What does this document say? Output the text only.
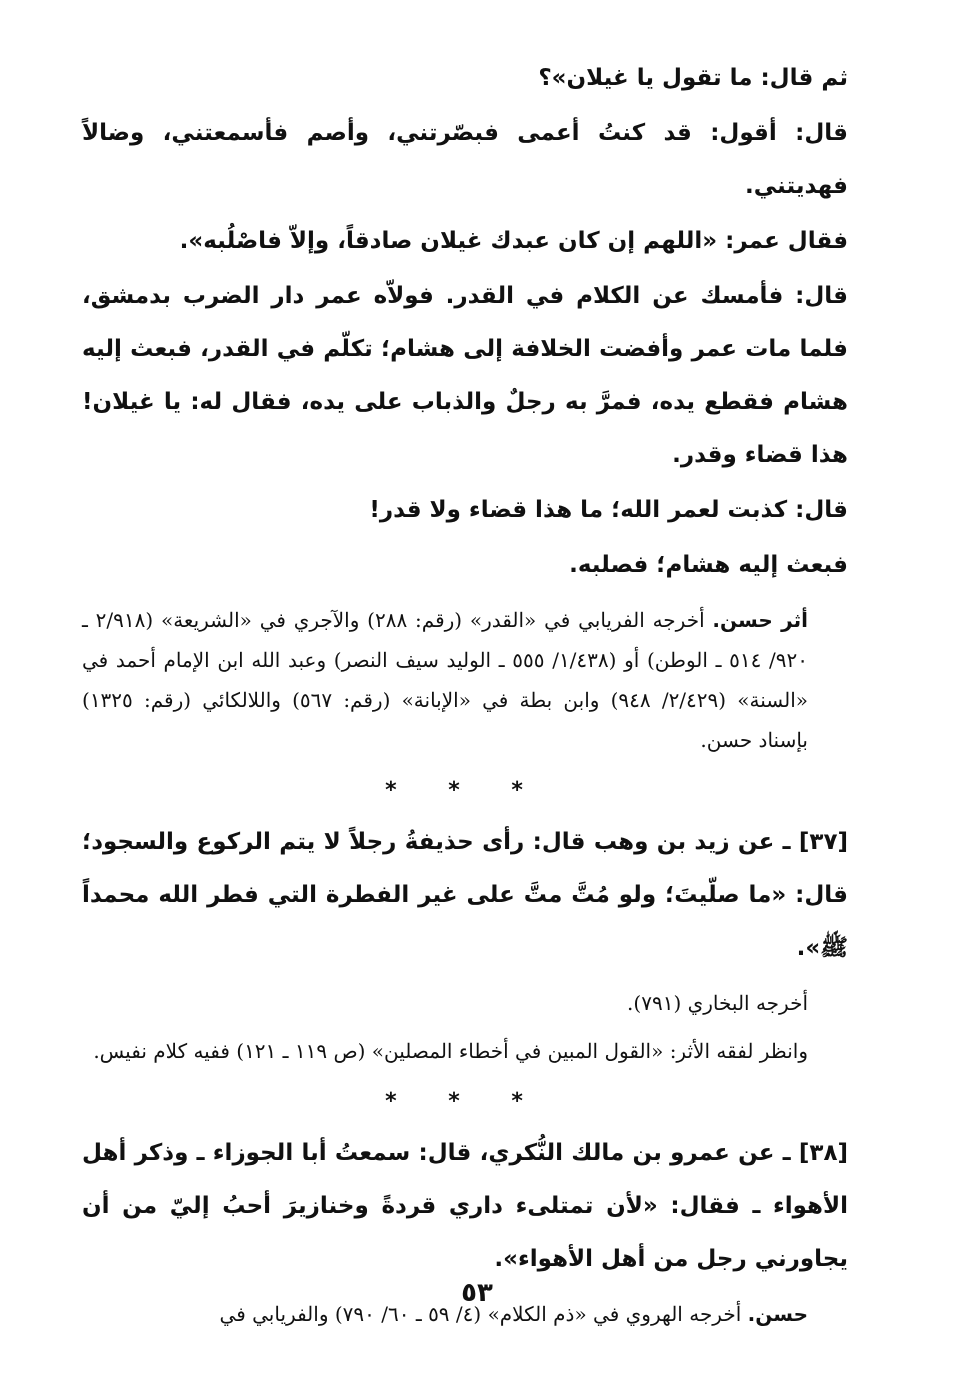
ثم قال: ما تقول يا غيلان»؟
قال: أقول: قد كنتُ أعمى فبصّرتني، وأصم فأسمعتني، وضالاً فهديتني.
فقال عمر: «اللهم إن كان عبدك غيلان صادقاً، وإلاّ فاصْلُبه».
قال: فأمسك عن الكلام في القدر. فولاّه عمر دار الضرب بدمشق، فلما مات عمر وأفضت الخلافة إلى هشام؛ تكلّم في القدر، فبعث إليه هشام فقطع يده، فمرَّ به رجلٌ والذباب على يده، فقال له: يا غيلان! هذا قضاء وقدر.
قال: كذبت لعمر الله؛ ما هذا قضاء ولا قدر!
فبعث إليه هشام؛ فصلبه.
أثر حسن. أخرجه الفريابي في «القدر» (رقم: ٢٨٨) والآجري في «الشريعة» (٢/٩١٨ ـ ٩٢٠/ ٥١٤ ـ الوطن) أو (١/٤٣٨/ ٥٥٥ ـ الوليد سيف النصر) وعبد الله ابن الإمام أحمد في «السنة» (٢/٤٢٩/ ٩٤٨) وابن بطة في «الإبانة» (رقم: ٥٦٧) واللالكائي (رقم: ١٣٢٥) بإسناد حسن.
* * *
[٣٧] ـ عن زيد بن وهب قال: رأى حذيفةُ رجلاً لا يتم الركوع والسجود؛ قال: «ما صلّيتَ؛ ولو مُتَّ متَّ على غير الفطرة التي فطر الله محمداً ﷺ».
أخرجه البخاري (٧٩١).
وانظر لفقه الأثر: «القول المبين في أخطاء المصلين» (ص ١١٩ ـ ١٢١) ففيه كلام نفيس.
* * *
[٣٨] ـ عن عمرو بن مالك النُّكري، قال: سمعتُ أبا الجوزاء ـ وذكر أهل الأهواء ـ فقال: «لأن تمتلىء داري قردةً وخنازيرَ أحبُ إليّ من أن يجاورني رجل من أهل الأهواء».
حسن. أخرجه الهروي في «ذم الكلام» (٤/ ٥٩ ـ ٦٠/ ٧٩٠) والفريابي في
٥٣
